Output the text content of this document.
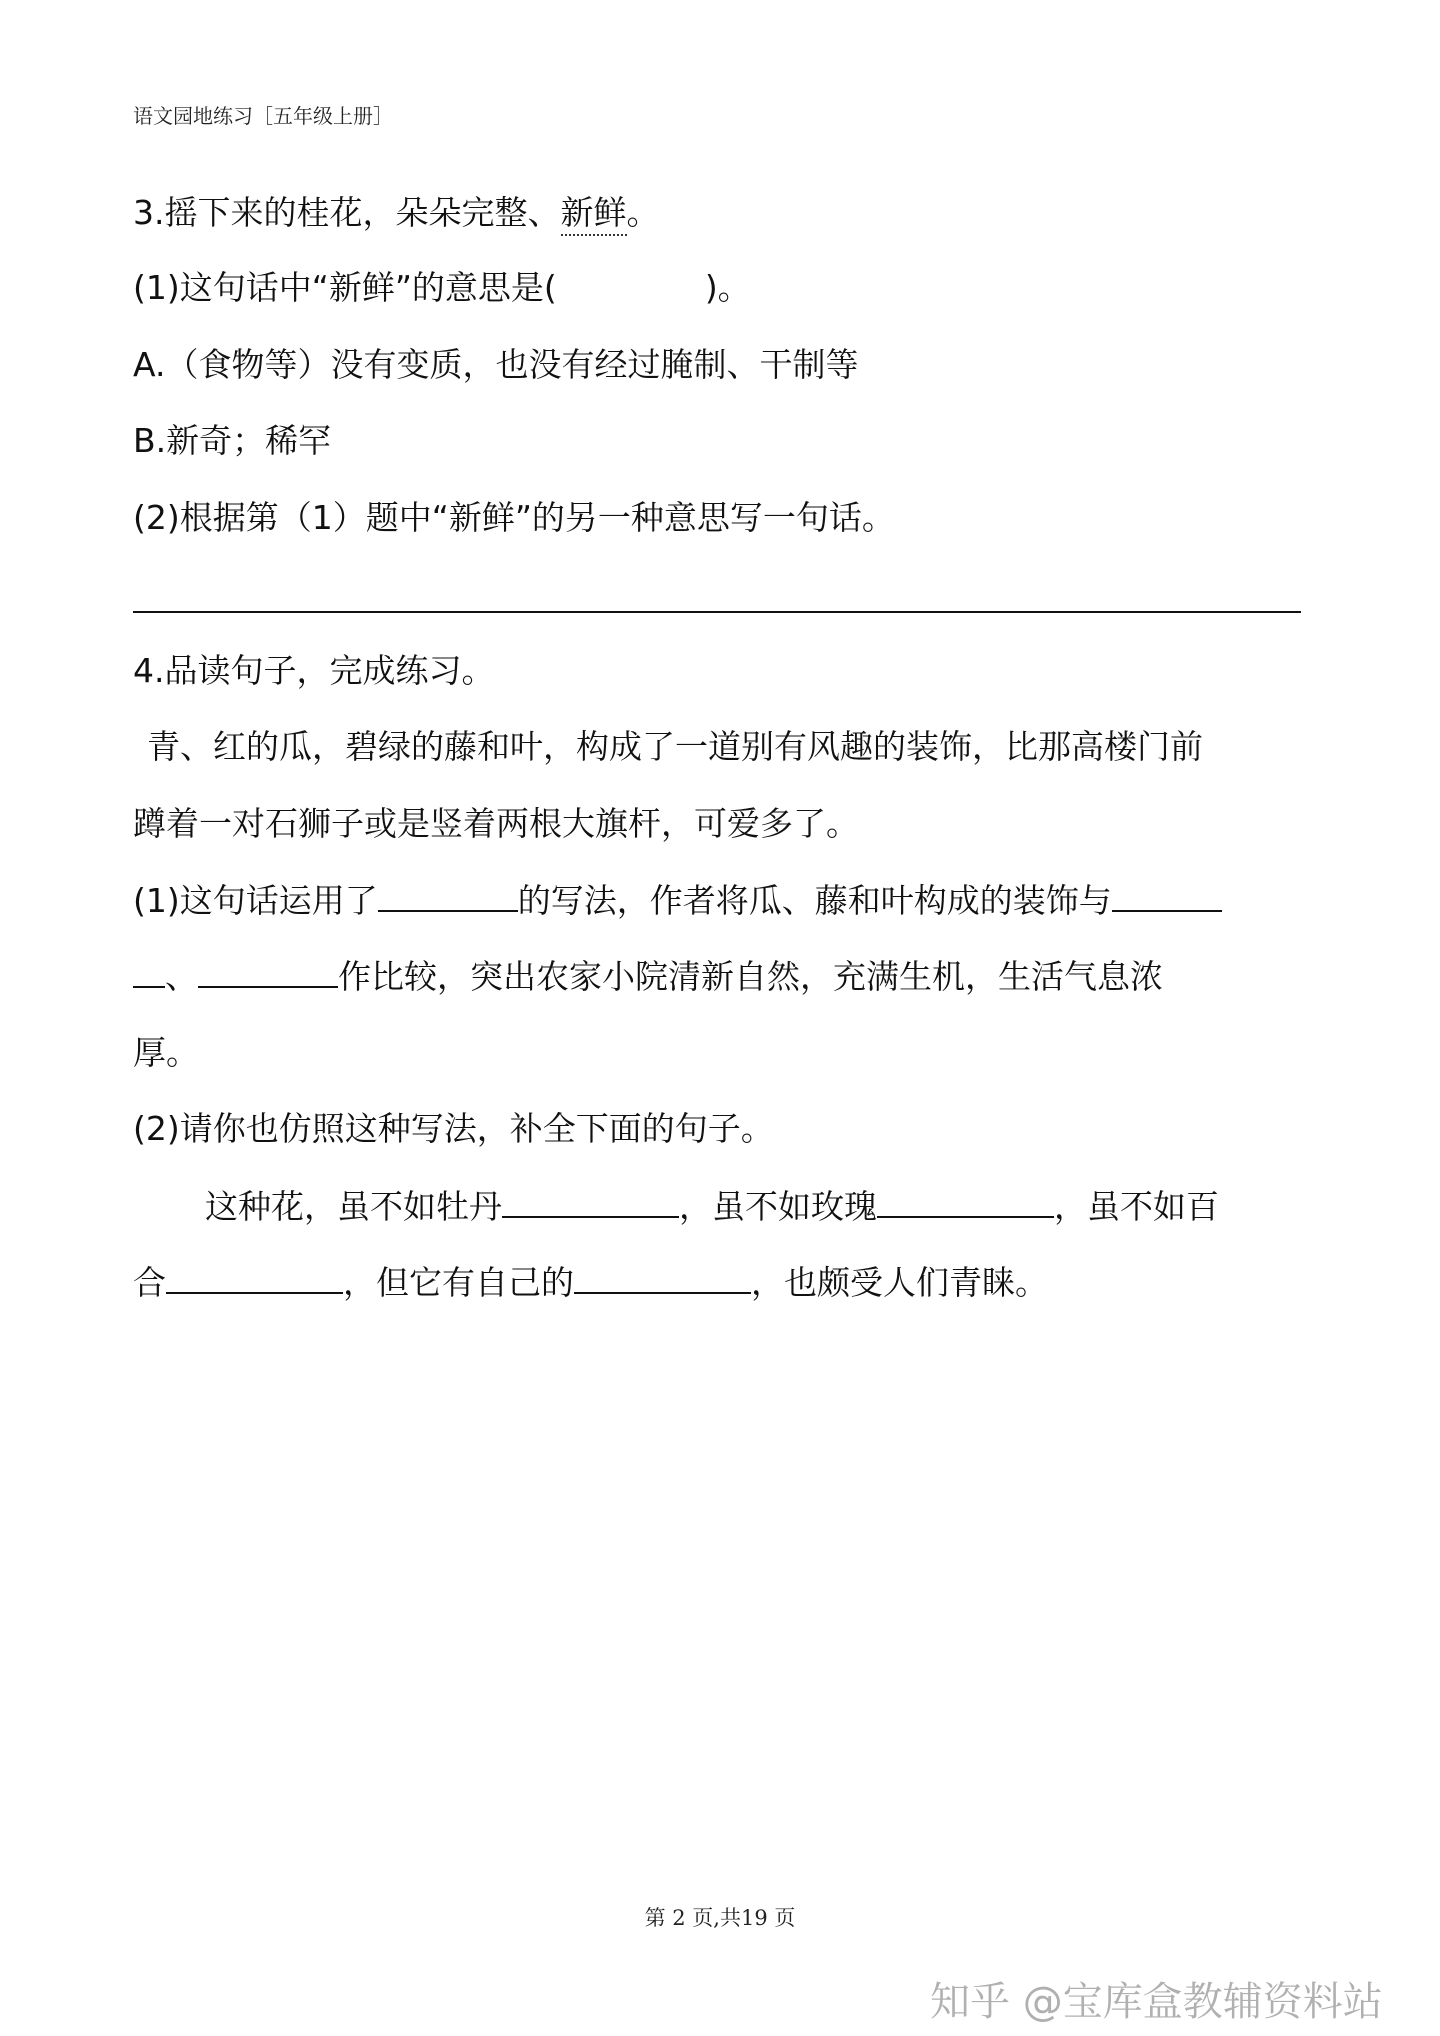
语文园地练习［五年级上册］
3.摇下来的桂花，朵朵完整、新鲜。
(1)这句话中“新鲜”的意思是(	)。
A.（食物等）没有变质，也没有经过腌制、干制等
B.新奇；稀罕
(2)根据第（1）题中“新鲜”的另一种意思写一句话。
4.品读句子，完成练习。
青、红的瓜，碧绿的藤和叶，构成了一道别有风趣的装饰，比那高楼门前
蹲着一对石狮子或是竖着两根大旗杆，可爱多了。
(1)这句话运用了	的写法，作者将瓜、藤和叶构成的装饰与
、	作比较，突出农家小院清新自然，充满生机，生活气息浓
厚。
(2)请你也仿照这种写法，补全下面的句子。
这种花，虽不如牡丹	，虽不如玫瑰	，虽不如百
合	，但它有自己的	，也颇受人们青睐。
第 2 页,共19 页
知乎 @宝库盒教辅资料站
